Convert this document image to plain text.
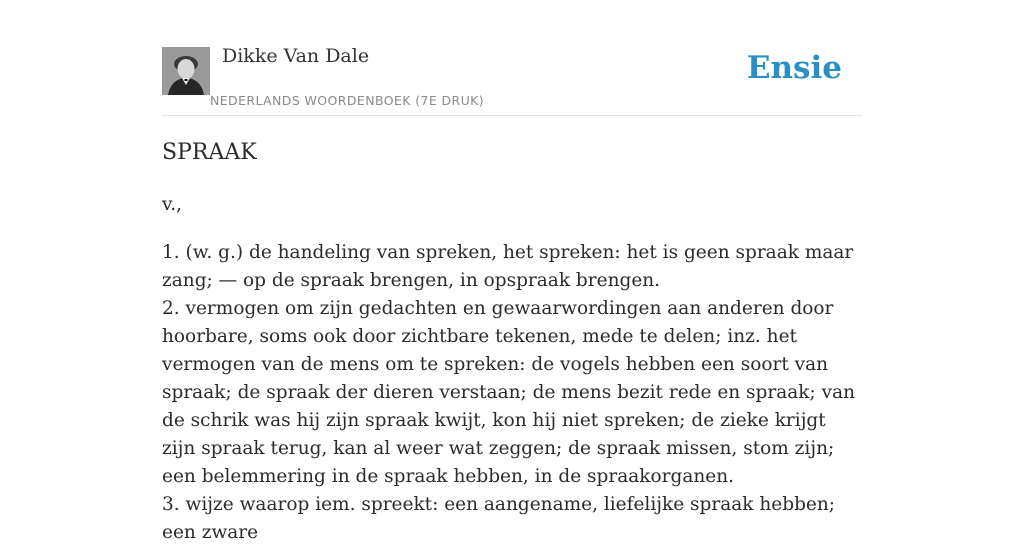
Dikke Van Dale
NEDERLANDS WOORDENBOEK (7E DRUK)
Ensie
SPRAAK
v.,

1. (w. g.) de handeling van spreken, het spreken: het is geen spraak maar zang; — op de spraak brengen, in opspraak brengen.

2. vermogen om zijn gedachten en gewaarwordingen aan anderen door hoorbare, soms ook door zichtbare tekenen, mede te delen; inz. het vermogen van de mens om te spreken: de vogels hebben een soort van spraak; de spraak der dieren verstaan; de mens bezit rede en spraak; van de schrik was hij zijn spraak kwijt, kon hij niet spreken; de zieke krijgt zijn spraak terug, kan al weer wat zeggen; de spraak missen, stom zijn; een belemmering in de spraak hebben, in de spraakorganen.

3. wijze waarop iem. spreekt: een aangename, liefelijke spraak hebben; een zware
